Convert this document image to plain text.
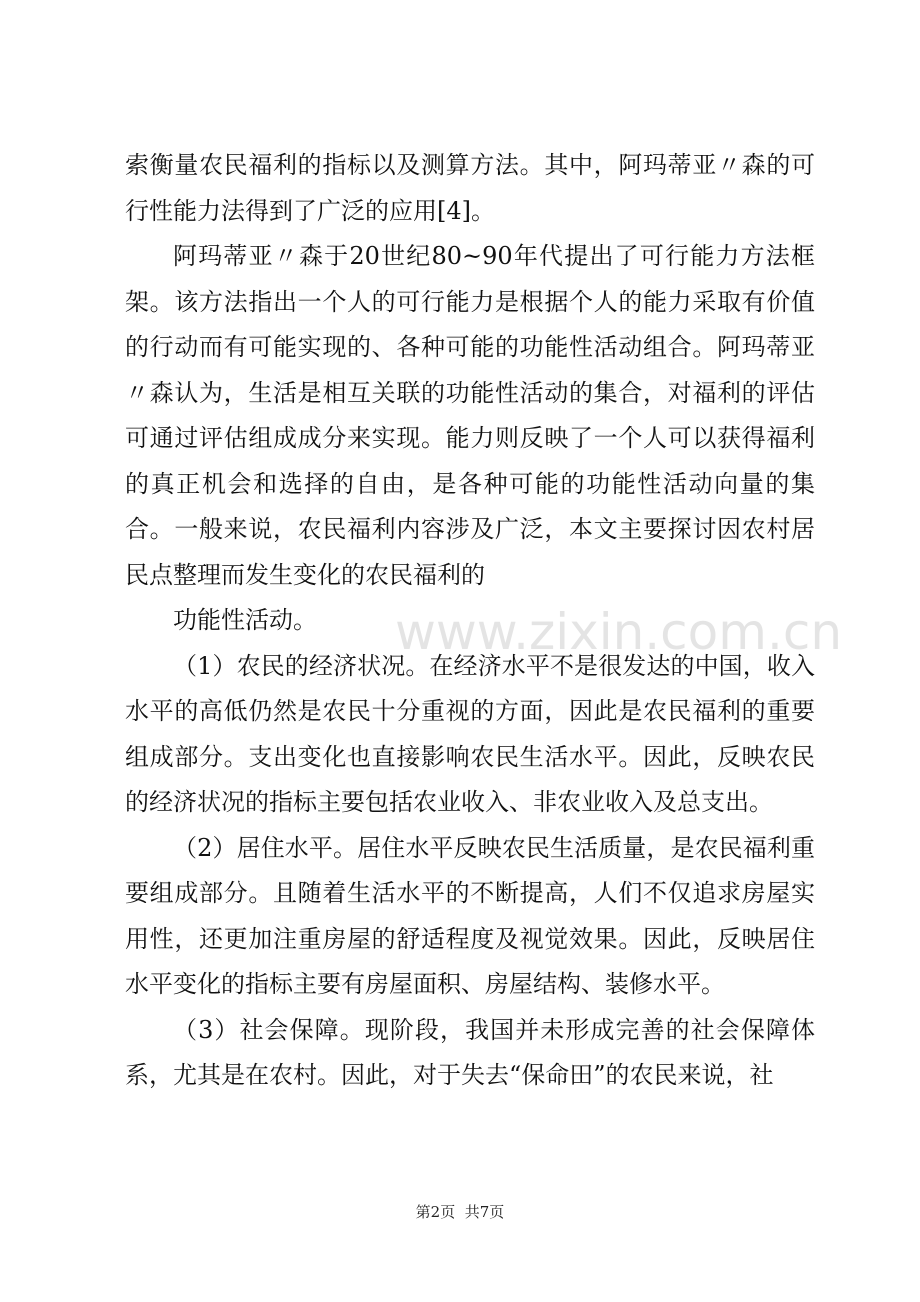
索衡量农民福利的指标以及测算方法。其中，阿玛蒂亚〃森的可行性能力法得到了广泛的应用[4]。

阿玛蒂亚〃森于20世纪80~90年代提出了可行能力方法框架。该方法指出一个人的可行能力是根据个人的能力采取有价值的行动而有可能实现的、各种可能的功能性活动组合。阿玛蒂亚〃森认为，生活是相互关联的功能性活动的集合，对福利的评估可通过评估组成成分来实现。能力则反映了一个人可以获得福利的真正机会和选择的自由，是各种可能的功能性活动向量的集合。一般来说，农民福利内容涉及广泛，本文主要探讨因农村居民点整理而发生变化的农民福利的

功能性活动。

（1）农民的经济状况。在经济水平不是很发达的中国，收入水平的高低仍然是农民十分重视的方面，因此是农民福利的重要组成部分。支出变化也直接影响农民生活水平。因此，反映农民的经济状况的指标主要包括农业收入、非农业收入及总支出。

（2）居住水平。居住水平反映农民生活质量，是农民福利重要组成部分。且随着生活水平的不断提高，人们不仅追求房屋实用性，还更加注重房屋的舒适程度及视觉效果。因此，反映居住水平变化的指标主要有房屋面积、房屋结构、装修水平。

（3）社会保障。现阶段，我国并未形成完善的社会保障体系，尤其是在农村。因此，对于失去“保命田”的农民来说，社

www.zixin.com.cn
第2页 共7页
